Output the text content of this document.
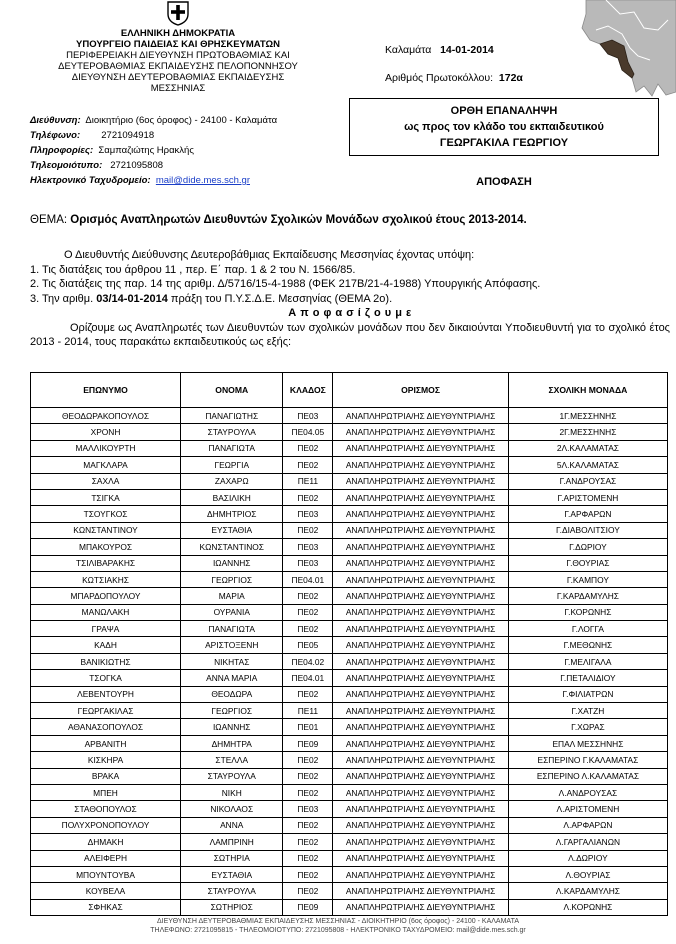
ΕΛΛΗΝΙΚΗ ΔΗΜΟΚΡΑΤΙΑ
ΥΠΟΥΡΓΕΙΟ ΠΑΙΔΕΙΑΣ ΚΑΙ ΘΡΗΣΚΕΥΜΑΤΩΝ
ΠΕΡΙΦΕΡΕΙΑΚΗ ΔΙΕΥΘΥΝΣΗ ΠΡΩΤΟΒΑΘΜΙΑΣ ΚΑΙ
ΔΕΥΤΕΡΟΒΑΘΜΙΑΣ ΕΚΠΑΙΔΕΥΣΗΣ ΠΕΛΟΠΟΝΝΗΣΟΥ
ΔΙΕΥΘΥΝΣΗ ΔΕΥΤΕΡΟΒΑΘΜΙΑΣ ΕΚΠΑΙΔΕΥΣΗΣ
ΜΕΣΣΗΝΙΑΣ
Διεύθυνση: Διοικητήριο (6ος όροφος) - 24100 - Καλαμάτα
Τηλέφωνο: 2721094918
Πληροφορίες: Σαμπαζιώτης Ηρακλής
Τηλεομοιότυπο: 2721095808
Ηλεκτρονικό Ταχυδρομείο: mail@dide.mes.sch.gr
Καλαμάτα 14-01-2014
Αριθμός Πρωτοκόλλου: 172α
ΟΡΘΗ ΕΠΑΝΑΛΗΨΗ
ως προς τον κλάδο του εκπαιδευτικού
ΓΕΩΡΓΑΚΙΛΑ ΓΕΩΡΓΙΟΥ
ΑΠΟΦΑΣΗ
ΘΕΜΑ: Ορισμός Αναπληρωτών Διευθυντών Σχολικών Μονάδων σχολικού έτους 2013-2014.
Ο Διευθυντής Διεύθυνσης Δευτεροβάθμιας Εκπαίδευσης Μεσσηνίας έχοντας υπόψη:
1. Τις διατάξεις του άρθρου 11 , περ. Ε΄ παρ. 1 & 2 του Ν. 1566/85.
2. Τις διατάξεις της παρ. 14 της αριθμ. Δ/5716/15-4-1988 (ΦΕΚ 217Β/21-4-1988) Υπουργικής Απόφασης.
3. Την αριθμ. 03/14-01-2014 πράξη του Π.Υ.Σ.Δ.Ε. Μεσσηνίας (ΘΕΜΑ 2ο).
Α π ο φ α σ ί ζ ο υ μ ε
Ορίζουμε ως Αναπληρωτές των Διευθυντών των σχολικών μονάδων που δεν δικαιούνται Υποδιευθυντή για το σχολικό έτος 2013 - 2014, τους παρακάτω εκπαιδευτικούς ως εξής:
ΕΠΩΝΥΜΟ	ΟΝΟΜΑ	ΚΛΑΔΟΣ	ΟΡΙΣΜΟΣ	ΣΧΟΛΙΚΗ ΜΟΝΑΔΑ
ΘΕΟΔΩΡΑΚΟΠΟΥΛΟΣ	ΠΑΝΑΓΙΩΤΗΣ	ΠΕ03	ΑΝΑΠΛΗΡΩΤΡΙΑ/ΗΣ ΔΙΕΥΘΥΝΤΡΙΑ/ΗΣ	1Γ.ΜΕΣΣΗΝΗΣ
ΧΡΟΝΗ	ΣΤΑΥΡΟΥΛΑ	ΠΕ04.05	ΑΝΑΠΛΗΡΩΤΡΙΑ/ΗΣ ΔΙΕΥΘΥΝΤΡΙΑ/ΗΣ	2Γ.ΜΕΣΣΗΝΗΣ
ΜΑΛΛΙΚΟΥΡΤΗ	ΠΑΝΑΓΙΩΤΑ	ΠΕ02	ΑΝΑΠΛΗΡΩΤΡΙΑ/ΗΣ ΔΙΕΥΘΥΝΤΡΙΑ/ΗΣ	2Λ.ΚΑΛΑΜΑΤΑΣ
ΜΑΓΚΛΑΡΑ	ΓΕΩΡΓΙΑ	ΠΕ02	ΑΝΑΠΛΗΡΩΤΡΙΑ/ΗΣ ΔΙΕΥΘΥΝΤΡΙΑ/ΗΣ	5Λ.ΚΑΛΑΜΑΤΑΣ
ΣΑΧΛΑ	ΖΑΧΑΡΩ	ΠΕ11	ΑΝΑΠΛΗΡΩΤΡΙΑ/ΗΣ ΔΙΕΥΘΥΝΤΡΙΑ/ΗΣ	Γ.ΑΝΔΡΟΥΣΑΣ
ΤΣΙΓΚΑ	ΒΑΣΙΛΙΚΗ	ΠΕ02	ΑΝΑΠΛΗΡΩΤΡΙΑ/ΗΣ ΔΙΕΥΘΥΝΤΡΙΑ/ΗΣ	Γ.ΑΡΙΣΤΟΜΕΝΗ
ΤΣΟΥΓΚΟΣ	ΔΗΜΗΤΡΙΟΣ	ΠΕ03	ΑΝΑΠΛΗΡΩΤΡΙΑ/ΗΣ ΔΙΕΥΘΥΝΤΡΙΑ/ΗΣ	Γ.ΑΡΦΑΡΩΝ
ΚΩΝΣΤΑΝΤΙΝΟΥ	ΕΥΣΤΑΘΙΑ	ΠΕ02	ΑΝΑΠΛΗΡΩΤΡΙΑ/ΗΣ ΔΙΕΥΘΥΝΤΡΙΑ/ΗΣ	Γ.ΔΙΑΒΟΛΙΤΣΙΟΥ
ΜΠΑΚΟΥΡΟΣ	ΚΩΝΣΤΑΝΤΙΝΟΣ	ΠΕ03	ΑΝΑΠΛΗΡΩΤΡΙΑ/ΗΣ ΔΙΕΥΘΥΝΤΡΙΑ/ΗΣ	Γ.ΔΩΡΙΟΥ
ΤΣΙΛΙΒΑΡΑΚΗΣ	ΙΩΑΝΝΗΣ	ΠΕ03	ΑΝΑΠΛΗΡΩΤΡΙΑ/ΗΣ ΔΙΕΥΘΥΝΤΡΙΑ/ΗΣ	Γ.ΘΟΥΡΙΑΣ
ΚΩΤΣΙΑΚΗΣ	ΓΕΩΡΓΙΟΣ	ΠΕ04.01	ΑΝΑΠΛΗΡΩΤΡΙΑ/ΗΣ ΔΙΕΥΘΥΝΤΡΙΑ/ΗΣ	Γ.ΚΑΜΠΟΥ
ΜΠΑΡΔΟΠΟΥΛΟΥ	ΜΑΡΙΑ	ΠΕ02	ΑΝΑΠΛΗΡΩΤΡΙΑ/ΗΣ ΔΙΕΥΘΥΝΤΡΙΑ/ΗΣ	Γ.ΚΑΡΔΑΜΥΛΗΣ
ΜΑΝΩΛΑΚΗ	ΟΥΡΑΝΙΑ	ΠΕ02	ΑΝΑΠΛΗΡΩΤΡΙΑ/ΗΣ ΔΙΕΥΘΥΝΤΡΙΑ/ΗΣ	Γ.ΚΟΡΩΝΗΣ
ΓΡΑΨΑ	ΠΑΝΑΓΙΩΤΑ	ΠΕ02	ΑΝΑΠΛΗΡΩΤΡΙΑ/ΗΣ ΔΙΕΥΘΥΝΤΡΙΑ/ΗΣ	Γ.ΛΟΓΓΑ
ΚΑΔΗ	ΑΡΙΣΤΟΞΕΝΗ	ΠΕ05	ΑΝΑΠΛΗΡΩΤΡΙΑ/ΗΣ ΔΙΕΥΘΥΝΤΡΙΑ/ΗΣ	Γ.ΜΕΘΩΝΗΣ
ΒΑΝΙΚΙΩΤΗΣ	ΝΙΚΗΤΑΣ	ΠΕ04.02	ΑΝΑΠΛΗΡΩΤΡΙΑ/ΗΣ ΔΙΕΥΘΥΝΤΡΙΑ/ΗΣ	Γ.ΜΕΛΙΓΑΛΑ
ΤΣΟΓΚΑ	ΑΝΝΑ ΜΑΡΙΑ	ΠΕ04.01	ΑΝΑΠΛΗΡΩΤΡΙΑ/ΗΣ ΔΙΕΥΘΥΝΤΡΙΑ/ΗΣ	Γ.ΠΕΤΑΛΙΔΙΟΥ
ΛΕΒΕΝΤΟΥΡΗ	ΘΕΟΔΩΡΑ	ΠΕ02	ΑΝΑΠΛΗΡΩΤΡΙΑ/ΗΣ ΔΙΕΥΘΥΝΤΡΙΑ/ΗΣ	Γ.ΦΙΛΙΑΤΡΩΝ
ΓΕΩΡΓΑΚΙΛΑΣ	ΓΕΩΡΓΙΟΣ	ΠΕ11	ΑΝΑΠΛΗΡΩΤΡΙΑ/ΗΣ ΔΙΕΥΘΥΝΤΡΙΑ/ΗΣ	Γ.ΧΑΤΖΗ
ΑΘΑΝΑΣΟΠΟΥΛΟΣ	ΙΩΑΝΝΗΣ	ΠΕ01	ΑΝΑΠΛΗΡΩΤΡΙΑ/ΗΣ ΔΙΕΥΘΥΝΤΡΙΑ/ΗΣ	Γ.ΧΩΡΑΣ
ΑΡΒΑΝΙΤΗ	ΔΗΜΗΤΡΑ	ΠΕ09	ΑΝΑΠΛΗΡΩΤΡΙΑ/ΗΣ ΔΙΕΥΘΥΝΤΡΙΑ/ΗΣ	ΕΠΑΛ ΜΕΣΣΗΝΗΣ
ΚΙΣΚΗΡΑ	ΣΤΕΛΛΑ	ΠΕ02	ΑΝΑΠΛΗΡΩΤΡΙΑ/ΗΣ ΔΙΕΥΘΥΝΤΡΙΑ/ΗΣ	ΕΣΠΕΡΙΝΟ Γ.ΚΑΛΑΜΑΤΑΣ
ΒΡΑΚΑ	ΣΤΑΥΡΟΥΛΑ	ΠΕ02	ΑΝΑΠΛΗΡΩΤΡΙΑ/ΗΣ ΔΙΕΥΘΥΝΤΡΙΑ/ΗΣ	ΕΣΠΕΡΙΝΟ Λ.ΚΑΛΑΜΑΤΑΣ
ΜΠΕΗ	ΝΙΚΗ	ΠΕ02	ΑΝΑΠΛΗΡΩΤΡΙΑ/ΗΣ ΔΙΕΥΘΥΝΤΡΙΑ/ΗΣ	Λ.ΑΝΔΡΟΥΣΑΣ
ΣΤΑΘΟΠΟΥΛΟΣ	ΝΙΚΟΛΑΟΣ	ΠΕ03	ΑΝΑΠΛΗΡΩΤΡΙΑ/ΗΣ ΔΙΕΥΘΥΝΤΡΙΑ/ΗΣ	Λ.ΑΡΙΣΤΟΜΕΝΗ
ΠΟΛΥΧΡΟΝΟΠΟΥΛΟΥ	ΑΝΝΑ	ΠΕ02	ΑΝΑΠΛΗΡΩΤΡΙΑ/ΗΣ ΔΙΕΥΘΥΝΤΡΙΑ/ΗΣ	Λ.ΑΡΦΑΡΩΝ
ΔΗΜΑΚΗ	ΛΑΜΠΡΙΝΗ	ΠΕ02	ΑΝΑΠΛΗΡΩΤΡΙΑ/ΗΣ ΔΙΕΥΘΥΝΤΡΙΑ/ΗΣ	Λ.ΓΑΡΓΑΛΙΑΝΩΝ
ΑΛΕΙΦΕΡΗ	ΣΩΤΗΡΙΑ	ΠΕ02	ΑΝΑΠΛΗΡΩΤΡΙΑ/ΗΣ ΔΙΕΥΘΥΝΤΡΙΑ/ΗΣ	Λ.ΔΩΡΙΟΥ
ΜΠΟΥΝΤΟΥΒΑ	ΕΥΣΤΑΘΙΑ	ΠΕ02	ΑΝΑΠΛΗΡΩΤΡΙΑ/ΗΣ ΔΙΕΥΘΥΝΤΡΙΑ/ΗΣ	Λ.ΘΟΥΡΙΑΣ
ΚΟΥΒΕΛΑ	ΣΤΑΥΡΟΥΛΑ	ΠΕ02	ΑΝΑΠΛΗΡΩΤΡΙΑ/ΗΣ ΔΙΕΥΘΥΝΤΡΙΑ/ΗΣ	Λ.ΚΑΡΔΑΜΥΛΗΣ
ΣΦΗΚΑΣ	ΣΩΤΗΡΙΟΣ	ΠΕ09	ΑΝΑΠΛΗΡΩΤΡΙΑ/ΗΣ ΔΙΕΥΘΥΝΤΡΙΑ/ΗΣ	Λ.ΚΟΡΩΝΗΣ
ΔΙΕΥΘΥΝΣΗ ΔΕΥΤΕΡΟΒΑΘΜΙΑΣ ΕΚΠΑΙΔΕΥΣΗΣ ΜΕΣΣΗΝΙΑΣ - ΔΙΟΙΚΗΤΗΡΙΟ (6ος όροφος) - 24100 - ΚΑΛΑΜΑΤΑ
ΤΗΛΕΦΩΝΟ: 2721095815 - ΤΗΛΕΟΜΟΙΟΤΥΠΟ: 2721095808 - ΗΛΕΚΤΡΟΝΙΚΟ ΤΑΧΥΔΡΟΜΕΙΟ: mail@dide.mes.sch.gr
